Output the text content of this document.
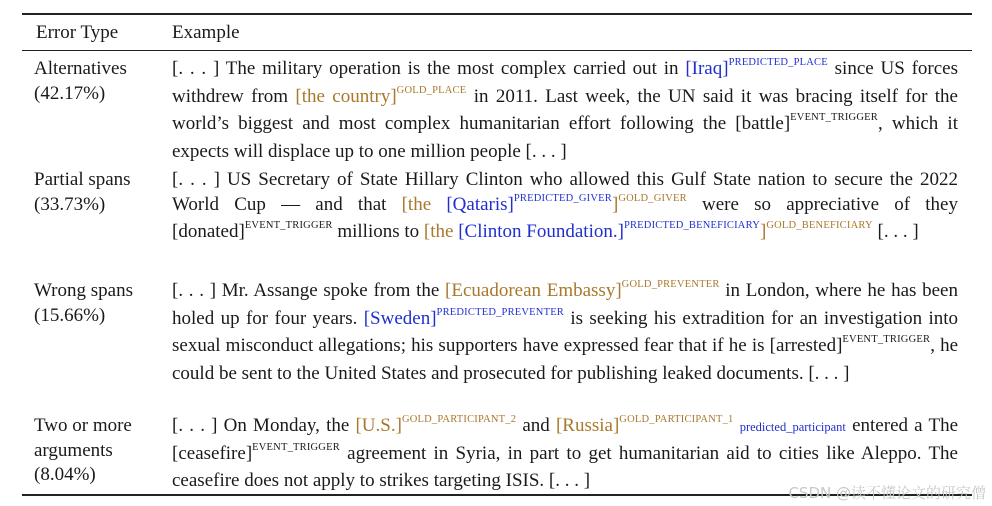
Error Type	Example
Alternatives
(42.17%)
[. . . ] The military operation is the most complex carried out in [Iraq]$^{PREDICTED\_PLACE}$ since US forces withdrew from [the country]$^{GOLD\_PLACE}$ in 2011. Last week, the UN said it was bracing itself for the world’s biggest and most complex humanitarian effort following the [battle]$^{EVENT\_TRIGGER}$, which it expects will displace up to one million people [. . . ]
Partial spans
(33.73%)
[. . . ] US Secretary of State Hillary Clinton who allowed this Gulf State nation to secure the 2022 World Cup — and that [the [Qataris]$^{PREDICTED\_GIVER}$]$^{GOLD\_GIVER}$ were so appreciative of they [donated]$^{EVENT\_TRIGGER}$ millions to [the [Clinton Foundation.]$^{PREDICTED\_BENEFICIARY}$]$^{GOLD\_BENEFICIARY}$ [. . . ]
Wrong spans
(15.66%)
[. . . ] Mr. Assange spoke from the [Ecuadorean Embassy]$^{GOLD\_PREVENTER}$ in London, where he has been holed up for four years. [Sweden]$^{PREDICTED\_PREVENTER}$ is seeking his extradition for an investigation into sexual misconduct allegations; his supporters have expressed fear that if he is [arrested]$^{EVENT\_TRIGGER}$, he could be sent to the United States and prosecuted for publishing leaked documents. [. . . ]
Two or more
arguments
(8.04%)
[. . . ] On Monday, the $[U.S.]^{GOLD\_PARTICIPANT\_2}$ and [Russia]$^{GOLD\_PARTICIPANT\_1}$ predicted_participant entered a The [ceasefire]$^{EVENT\_TRIGGER}$ agreement in Syria, in part to get humanitarian aid to cities like Aleppo. The ceasefire does not apply to strikes targeting ISIS. [. . . ]
CSDN @读不懂论文的研究僧
